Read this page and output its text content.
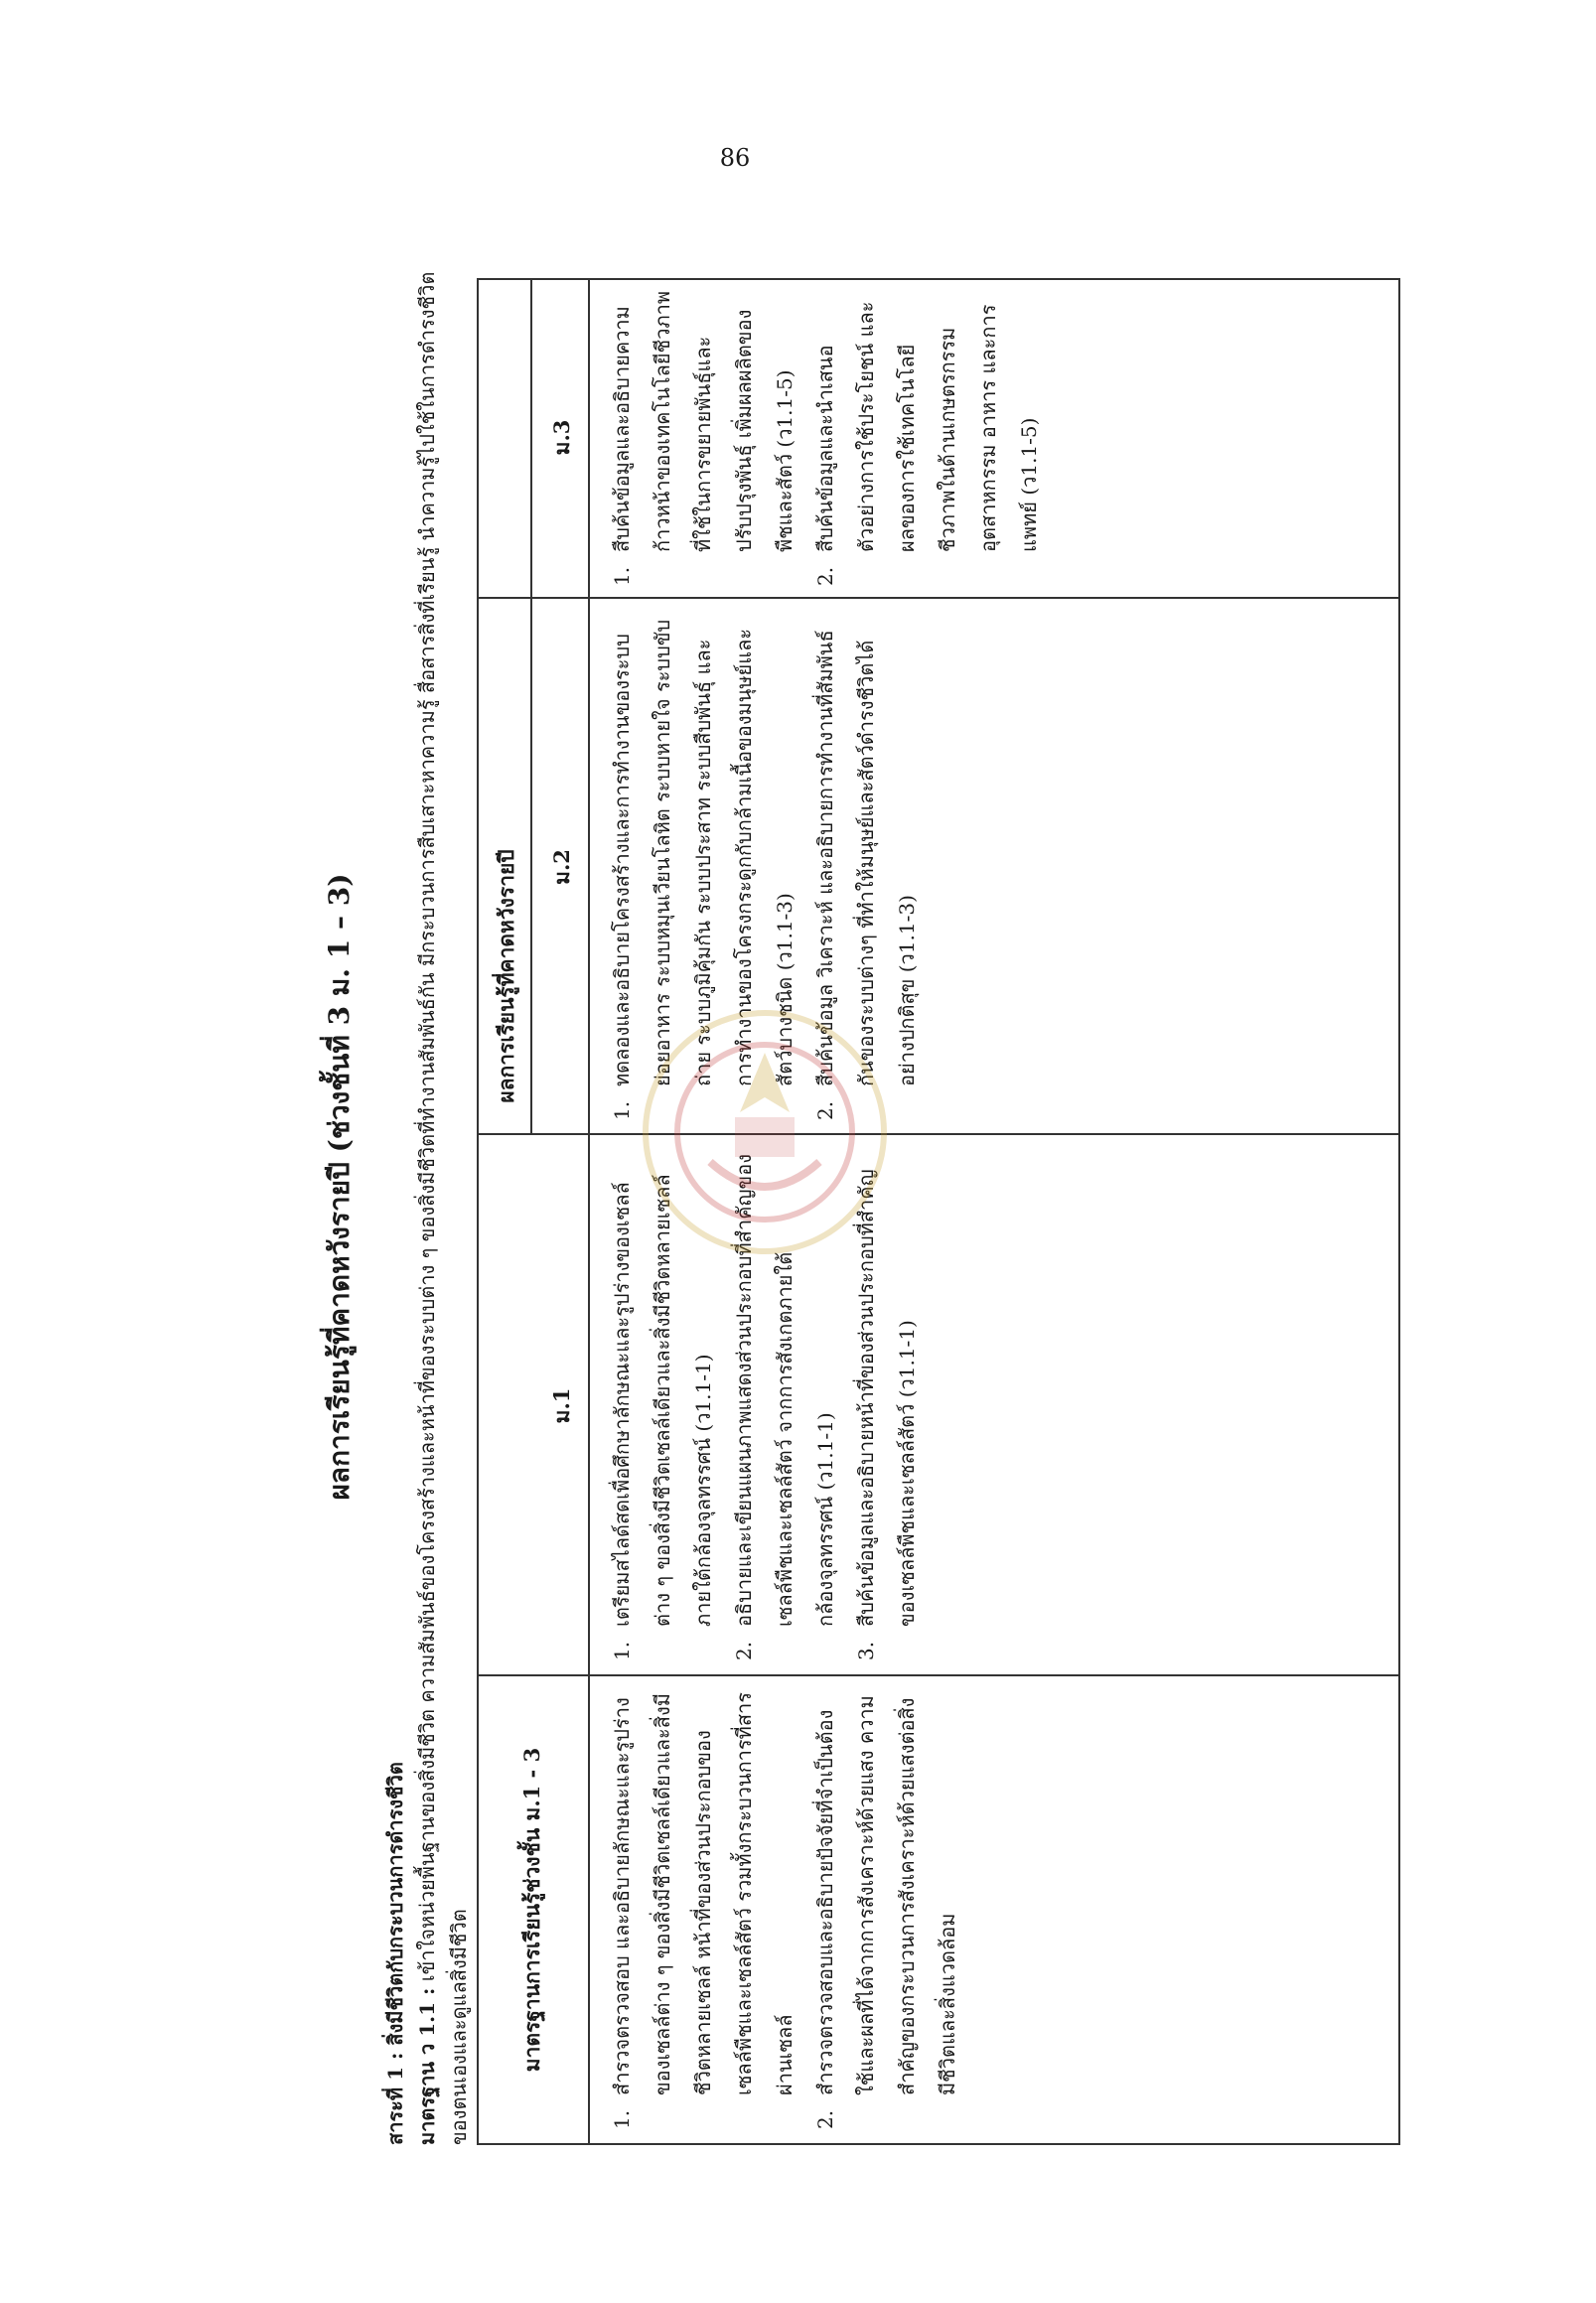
86
ผลการเรียนรู้ที่คาดหวังรายปี (ช่วงชั้นที่ 3 ม. 1 – 3)
สาระที่ 1 : สิ่งมีชีวิตกับกระบวนการดำรงชีวิต มาตรฐาน ว 1.1 : เข้าใจหน่วยพื้นฐานของสิ่งมีชีวิต ความสัมพันธ์ของโครงสร้างและหน้าที่ของระบบต่าง ๆ ของสิ่งมีชีวิตที่ทำงานสัมพันธ์กัน มีกระบวนการสืบเสาะหาความรู้ สื่อสารสิ่งที่เรียนรู้ นำความรู้ไปใช้ในการดำรงชีวิตของตนเองและดูแลสิ่งมีชีวิต มาตรฐานการเรียนรู้ช่วงชั้น ม.1 - 3
ผลการเรียนรู้ที่คาดหวังรายปี
ม.1
ม.2
ม.3
1.
สำรวจตรวจสอบ และอธิบายลักษณะและรูปร่างของเซลล์ต่าง ๆ ของสิ่งมีชีวิตเซลล์เดียวและสิ่งมีชีวิตหลายเซลล์ หน้าที่ของส่วนประกอบของเซลล์พืชและเซลล์สัตว์ รวมทั้งกระบวนการที่สารผ่านเซลล์
2.
สำรวจตรวจสอบและอธิบายปัจจัยที่จำเป็นต้องใช้และผลที่ได้จากการสังเคราะห์ด้วยแสง ความสำคัญของกระบวนการสังเคราะห์ด้วยแสงต่อสิ่งมีชีวิตและสิ่งแวดล้อม
1.
เตรียมสไลด์สดเพื่อศึกษาลักษณะและรูปร่างของเซลล์ต่าง ๆ ของสิ่งมีชีวิตเซลล์เดียวและสิ่งมีชีวิตหลายเซลล์ภายใต้กล้องจุลทรรศน์ (ว1.1-1)
2.
อธิบายและเขียนแผนภาพแสดงส่วนประกอบที่สำคัญของเซลล์พืชและเซลล์สัตว์ จากการสังเกตภายใต้กล้องจุลทรรศน์ (ว1.1-1)
3.
สืบค้นข้อมูลและอธิบายหน้าที่ของส่วนประกอบที่สำคัญของเซลล์พืชและเซลล์สัตว์ (ว1.1-1)
1.
ทดลองและอธิบายโครงสร้างและการทำงานของระบบย่อยอาหาร ระบบหมุนเวียนโลหิต ระบบหายใจ ระบบขับถ่าย ระบบภูมิคุ้มกัน ระบบประสาท ระบบสืบพันธุ์ และการทำงานของโครงกระดูกกับกล้ามเนื้อของมนุษย์และสัตว์บางชนิด (ว1.1-3)
2.
สืบค้นข้อมูล วิเคราะห์ และอธิบายการทำงานที่สัมพันธ์กันของระบบต่างๆ ที่ทำให้มนุษย์และสัตว์ดำรงชีวิตได้อย่างปกติสุข (ว1.1-3)
1.
สืบค้นข้อมูลและอธิบายความก้าวหน้าของเทคโนโลยีชีวภาพที่ใช้ในการขยายพันธุ์และปรับปรุงพันธุ์ เพิ่มผลผลิตของพืชและสัตว์ (ว1.1-5)
2.
สืบค้นข้อมูลและนำเสนอตัวอย่างการใช้ประโยชน์ และผลของการใช้เทคโนโลยีชีวภาพในด้านเกษตรกรรม อุตสาหกรรม อาหาร และการแพทย์ (ว1.1-5)
